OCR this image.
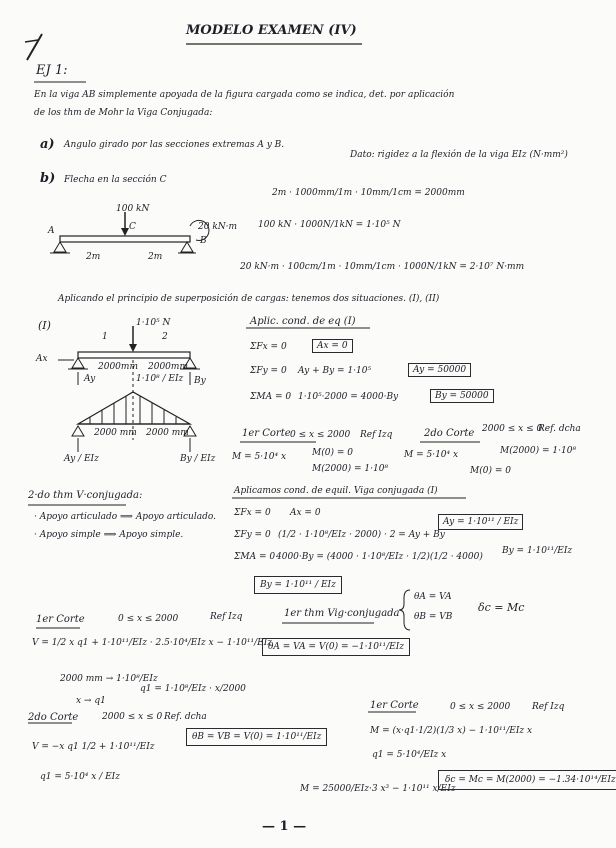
MODELO EXAMEN (IV)
EJ 1:
En la viga AB simplemente apoyada de la figura cargada como se indica, det. por aplicación
de los thm de Mohr la Viga Conjugada:
a) Angulo girado por las secciones extremas A y B.
Dato: rigidez a la flexión de la viga EIz (N·mm²)
b) Flecha en la sección C
2m · 1000mm/1m · 10mm/1cm = 2000mm
100 kN · 1000N/1kN = 1·10⁵ N
20 kN·m · 100cm/1m · 10mm/1cm · 1000N/1kN = 2·10⁷ N·mm
A
B
C
100 kN
20 kN·m
2m	2m
Aplicando el principio de superposición de cargas: tenemos dos situaciones. (I), (II)
(I)	1·10⁵ N
1	2
Ax
Ay	By
2000mm 2000mm
1·10⁸ / EIz
2000 mm 2000 mm
Ay / EIz	By / EIz
Aplic. cond. de eq (I)
ΣFx = 0	Ax = 0
ΣFy = 0 Ay + By = 1·10⁵	Ay = 50000
ΣMA = 0 1·10⁵·2000 = 4000·By	By = 50000
1er Corte 0 ≤ x ≤ 2000 Ref Izq
M = 5·10⁴ x	M(0) = 0
M(2000) = 1·10⁸
2do Corte 2000 ≤ x ≤ 0
Ref. dcha
M = 5·10⁴ x	M(2000) = 1·10⁸
M(0) = 0
Aplicamos cond. de equil. Viga conjugada (I)
ΣFx = 0 Ax = 0
ΣFy = 0 (1/2 · 1·10⁸/EIz · 2000) · 2 = Ay + By
Ay = 1·10¹¹ / EIz
ΣMA = 0 4000·By = (4000 · 1·10⁸/EIz · 1/2)(1/2 · 4000)
By = 1·10¹¹/EIz
By = 1·10¹¹ / EIz
2·do thm V·conjugada:
· Apoyo articulado ⟹ Apoyo articulado.
· Apoyo simple ⟹ Apoyo simple.
1er thm Vig·conjugada
θA = VA
θB = VB
δc = Mc
1er Corte	0 ≤ x ≤ 2000	Ref Izq
V = 1/2 x q1 + 1·10¹¹/EIz · 2.5·10⁴/EIz x − 1·10¹¹/EIz
2000 mm → 1·10⁸/EIz
x → q1
q1 = 1·10⁸/EIz · x/2000
2do Corte	2000 ≤ x ≤ 0 Ref. dcha
V = −x q1 1/2 + 1·10¹¹/EIz
q1 = 5·10⁴ x / EIz
θA = VA = V(0) = −1·10¹¹/EIz
θB = VB = V(0) = 1·10¹¹/EIz
1er Corte	0 ≤ x ≤ 2000 Ref Izq
M = (x·q1·1/2)(1/3 x) − 1·10¹¹/EIz x
q1 = 5·10⁴/EIz x
M = 25000/EIz·3 x³ − 1·10¹¹ x/EIz
δc = Mc = M(2000) = −1.34·10¹⁴/EIz
— 1 —
